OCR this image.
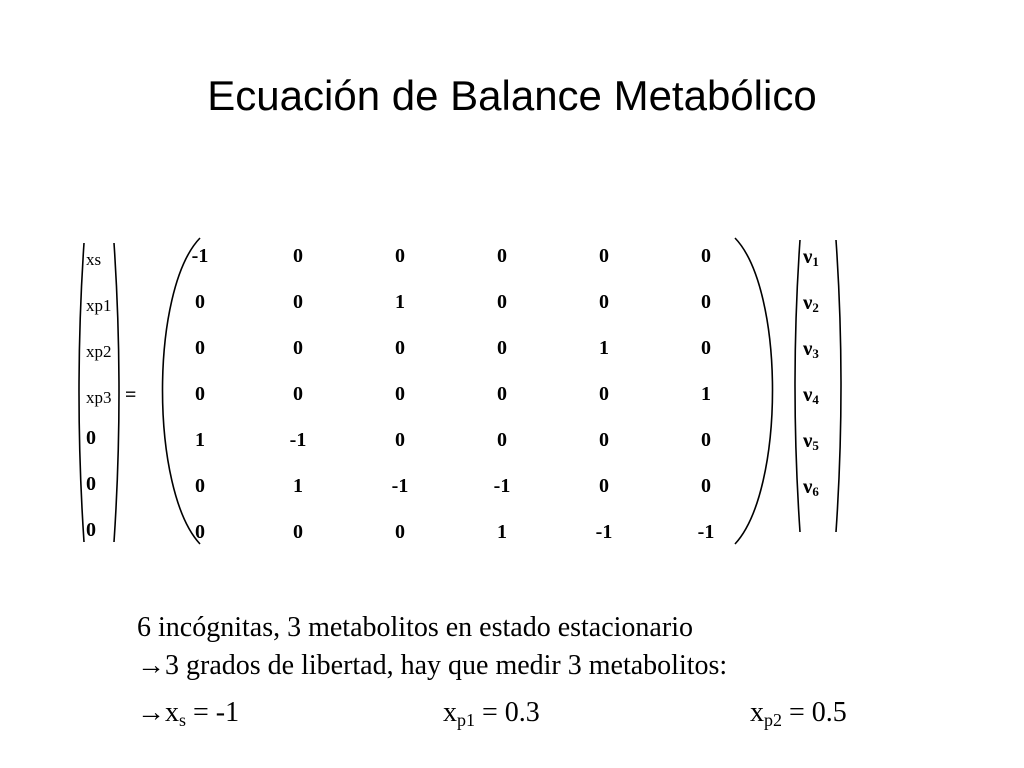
Ecuación de Balance Metabólico
xs
xp1
xp2
xp3
0
0
0
=
-1	0	0	0	0	0
0	0	1	0	0	0
0	0	0	0	1	0
0	0	0	0	0	1
1	-1	0	0	0	0
0	1	-1	-1	0	0
0	0	0	1	-1	-1
$\nu_1$
$\nu_2$
$\nu_3$
$\nu_4$
$\nu_5$
$\nu_6$
6 incógnitas, 3 metabolitos en estado estacionario
→3 grados de libertad, hay que medir 3 metabolitos:
$\to x_s = -1$	$x_{p1} = 0.3$	$x_{p2} = 0.5$
